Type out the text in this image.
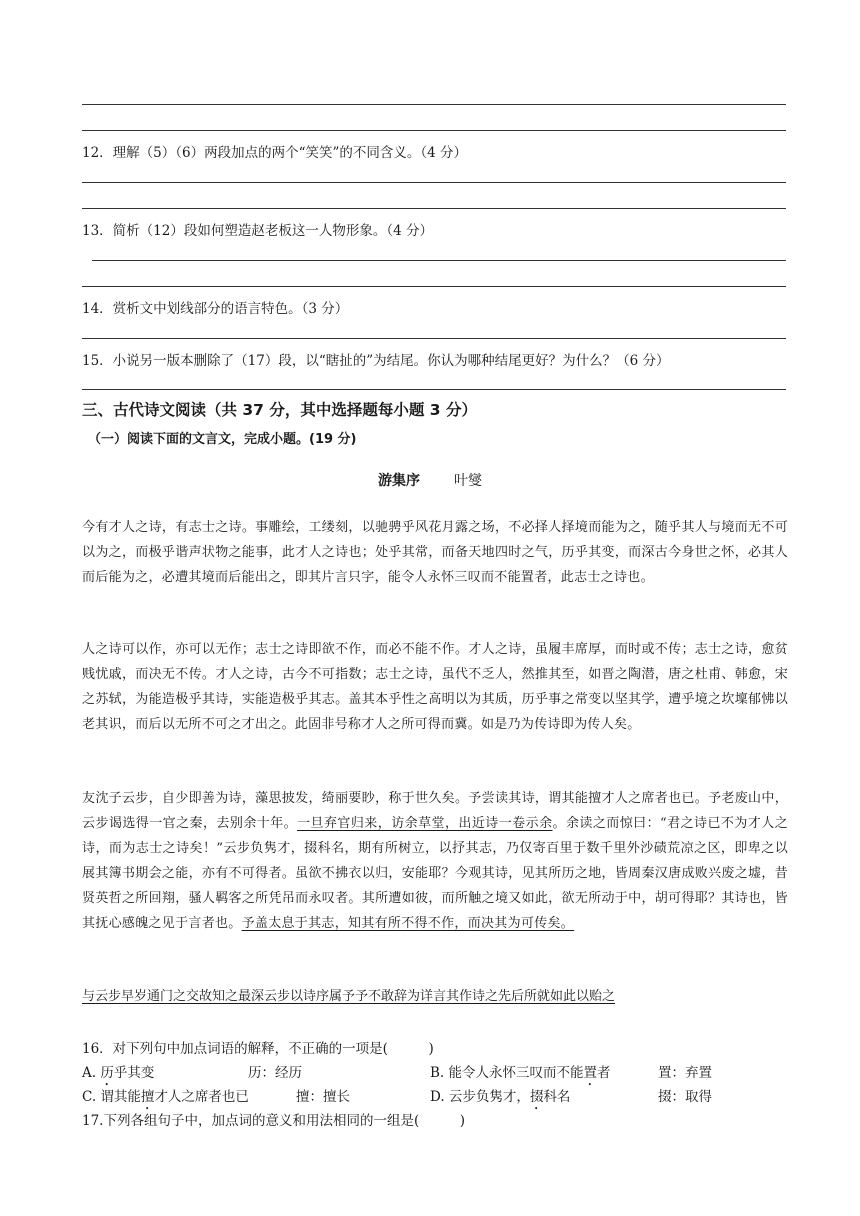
12．理解（5）（6）两段加点的两个“笑笑”的不同含义。（4 分）
13．简析（12）段如何塑造赵老板这一人物形象。（4 分）
14．赏析文中划线部分的语言特色。（3 分）
15．小说另一版本删除了（17）段，以“瞎扯的”为结尾。你认为哪种结尾更好？为什么？（6 分）
三、古代诗文阅读（共 37 分，其中选择题每小题 3 分）
（一）阅读下面的文言文，完成小题。(19 分)
游集序 叶燮
今有才人之诗，有志士之诗。事雕绘，工缕刻，以驰骋乎风花月露之场，不必择人择境而能为之，随乎其人与境而无不可以为之，而极乎谐声状物之能事，此才人之诗也；处乎其常，而备天地四时之气，历乎其变，而深古今身世之怀，必其人而后能为之，必遭其境而后能出之，即其片言只字，能令人永怀三叹而不能置者，此志士之诗也。
人之诗可以作，亦可以无作；志士之诗即欲不作，而必不能不作。才人之诗，虽履丰席厚，而时或不传；志士之诗，愈贫贱忧戚，而决无不传。才人之诗，古今不可指数；志士之诗，虽代不乏人，然推其至，如晋之陶潜，唐之杜甫、韩愈，宋之苏轼，为能造极乎其诗，实能造极乎其志。盖其本乎性之高明以为其质，历乎事之常变以坚其学，遭乎境之坎壈郁怫以老其识，而后以无所不可之才出之。此固非号称才人之所可得而冀。如是乃为传诗即为传人矣。
友沈子云步，自少即善为诗，藻思披发，绮丽要眇，称于世久矣。予尝读其诗，谓其能擅才人之席者也已。予老废山中，云步谒选得一官之秦，去别余十年。一旦弃官归来，访余草堂，出近诗一卷示余。余读之而惊曰：“君之诗已不为才人之诗，而为志士之诗矣！”云步负隽才，掇科名，期有所树立，以抒其志，乃仅寄百里于数千里外沙碛荒凉之区，即卑之以展其簿书期会之能，亦有不可得者。虽欲不拂衣以归，安能耶？今观其诗，见其所历之地，皆周秦汉唐成败兴废之墟，昔贤英哲之所回翔，骚人羁客之所凭吊而永叹者。其所遭如彼，而所触之境又如此，欲无所动于中，胡可得耶？其诗也，皆其抚心感魄之见于言者也。予盖太息于其志，知其有所不得不作，而决其为可传矣。
与云步早岁通门之交故知之最深云步以诗序属予予不敢辞为详言其作诗之先后所就如此以贻之
16．对下列句中加点词语的解释，不正确的一项是(　　　)
A. 历乎其变	历：经历	B. 能令人永怀三叹而不能置者	置：弃置
C. 谓其能擅才人之席者也已	擅：擅长	D. 云步负隽才，掇科名	掇：取得
17.下列各组句子中，加点词的意义和用法相同的一组是(　　　)
